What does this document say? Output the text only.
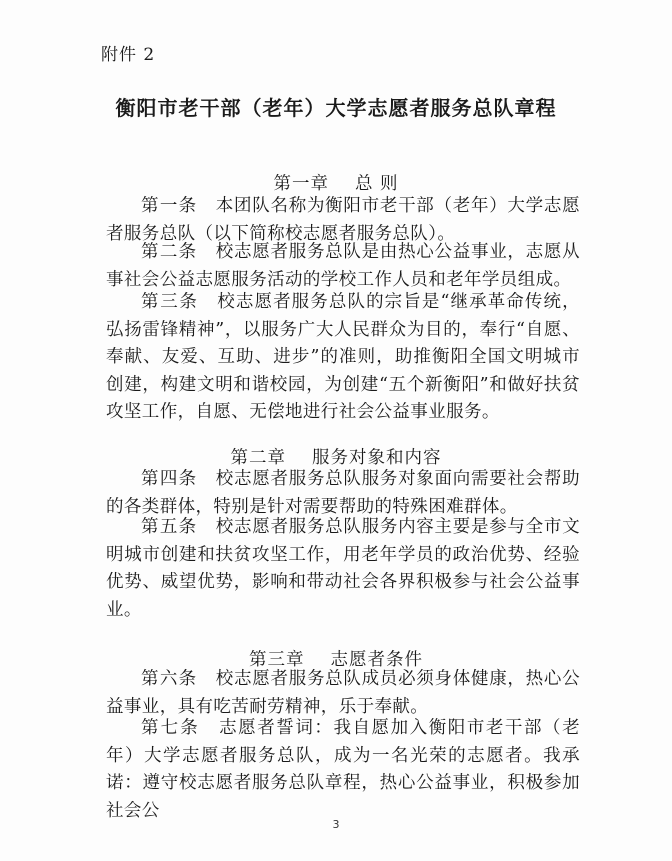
附件 2
衡阳市老干部（老年）大学志愿者服务总队章程
第一章 总 则
第一条 本团队名称为衡阳市老干部（老年）大学志愿者服务总队（以下简称校志愿者服务总队）。
第二条 校志愿者服务总队是由热心公益事业，志愿从事社会公益志愿服务活动的学校工作人员和老年学员组成。
第三条 校志愿者服务总队的宗旨是“继承革命传统，弘扬雷锋精神”，以服务广大人民群众为目的，奉行“自愿、奉献、友爱、互助、进步”的准则，助推衡阳全国文明城市创建，构建文明和谐校园，为创建“五个新衡阳”和做好扶贫攻坚工作，自愿、无偿地进行社会公益事业服务。
第二章 服务对象和内容
第四条 校志愿者服务总队服务对象面向需要社会帮助的各类群体，特别是针对需要帮助的特殊困难群体。
第五条 校志愿者服务总队服务内容主要是参与全市文明城市创建和扶贫攻坚工作，用老年学员的政治优势、经验优势、威望优势，影响和带动社会各界积极参与社会公益事业。
第三章 志愿者条件
第六条 校志愿者服务总队成员必须身体健康，热心公益事业，具有吃苦耐劳精神，乐于奉献。
第七条 志愿者誓词：我自愿加入衡阳市老干部（老年）大学志愿者服务总队，成为一名光荣的志愿者。我承诺：遵守校志愿者服务总队章程，热心公益事业，积极参加社会公
3
